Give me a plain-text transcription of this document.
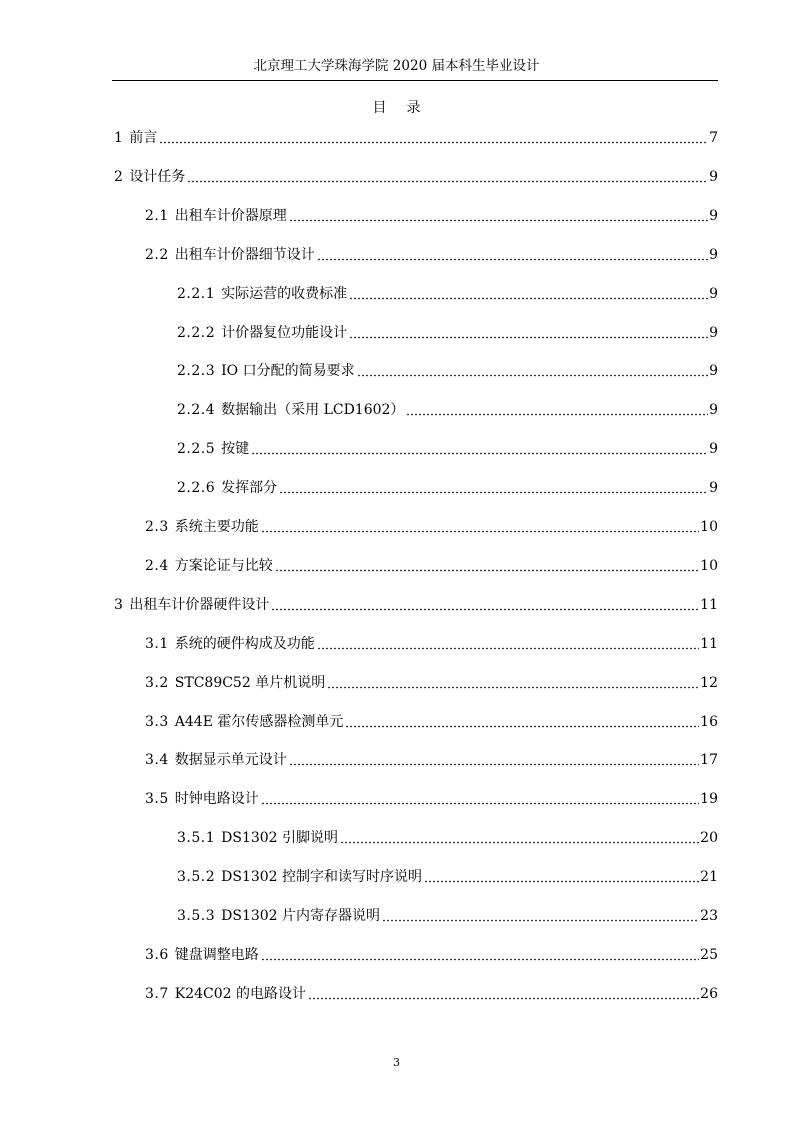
北京理工大学珠海学院 2020 届本科生毕业设计
目录
1 前言	7
2 设计任务	9
2.1 出租车计价器原理	9
2.2 出租车计价器细节设计	9
2.2.1 实际运营的收费标准	9
2.2.2 计价器复位功能设计	9
2.2.3 IO 口分配的简易要求	9
2.2.4 数据输出（采用 LCD1602）	9
2.2.5 按键	9
2.2.6 发挥部分	9
2.3 系统主要功能	10
2.4 方案论证与比较	10
3 出租车计价器硬件设计	11
3.1 系统的硬件构成及功能	11
3.2 STC89C52 单片机说明	12
3.3 A44E 霍尔传感器检测单元	16
3.4 数据显示单元设计	17
3.5 时钟电路设计	19
3.5.1 DS1302 引脚说明	20
3.5.2 DS1302 控制字和读写时序说明	21
3.5.3 DS1302 片内寄存器说明	23
3.6 键盘调整电路	25
3.7 K24C02 的电路设计	26
3
